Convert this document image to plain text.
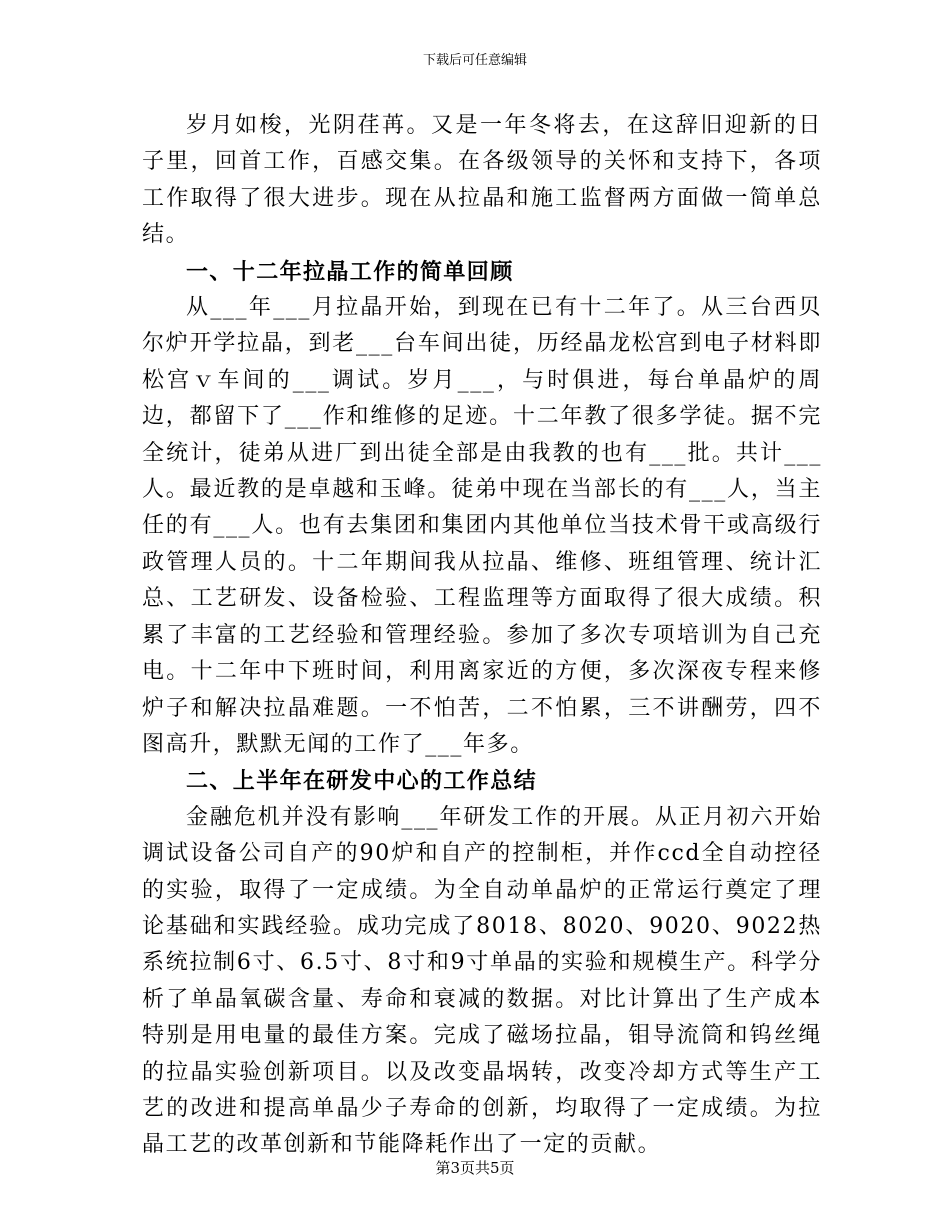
下载后可任意编辑

岁月如梭，光阴荏苒。又是一年冬将去，在这辞旧迎新的日子里，回首工作，百感交集。在各级领导的关怀和支持下，各项工作取得了很大进步。现在从拉晶和施工监督两方面做一简单总结。

一、十二年拉晶工作的简单回顾

从___年___月拉晶开始，到现在已有十二年了。从三台西贝尔炉开学拉晶，到老___台车间出徒，历经晶龙松宫到电子材料即松宫ｖ车间的___调试。岁月___，与时俱进，每台单晶炉的周边，都留下了___作和维修的足迹。十二年教了很多学徒。据不完全统计，徒弟从进厂到出徒全部是由我教的也有___批。共计___人。最近教的是卓越和玉峰。徒弟中现在当部长的有___人，当主任的有___人。也有去集团和集团内其他单位当技术骨干或高级行政管理人员的。十二年期间我从拉晶、维修、班组管理、统计汇总、工艺研发、设备检验、工程监理等方面取得了很大成绩。积累了丰富的工艺经验和管理经验。参加了多次专项培训为自己充电。十二年中下班时间，利用离家近的方便，多次深夜专程来修炉子和解决拉晶难题。一不怕苦，二不怕累，三不讲酬劳，四不图高升，默默无闻的工作了___年多。

二、上半年在研发中心的工作总结

金融危机并没有影响___年研发工作的开展。从正月初六开始调试设备公司自产的90炉和自产的控制柜，并作ccd全自动控径的实验，取得了一定成绩。为全自动单晶炉的正常运行奠定了理论基础和实践经验。成功完成了8018、8020、9020、9022热系统拉制6寸、6.5寸、8寸和9寸单晶的实验和规模生产。科学分析了单晶氧碳含量、寿命和衰减的数据。对比计算出了生产成本特别是用电量的最佳方案。完成了磁场拉晶，钼导流筒和钨丝绳的拉晶实验创新项目。以及改变晶埚转，改变冷却方式等生产工艺的改进和提高单晶少子寿命的创新，均取得了一定成绩。为拉晶工艺的改革创新和节能降耗作出了一定的贡献。

第3页共5页
